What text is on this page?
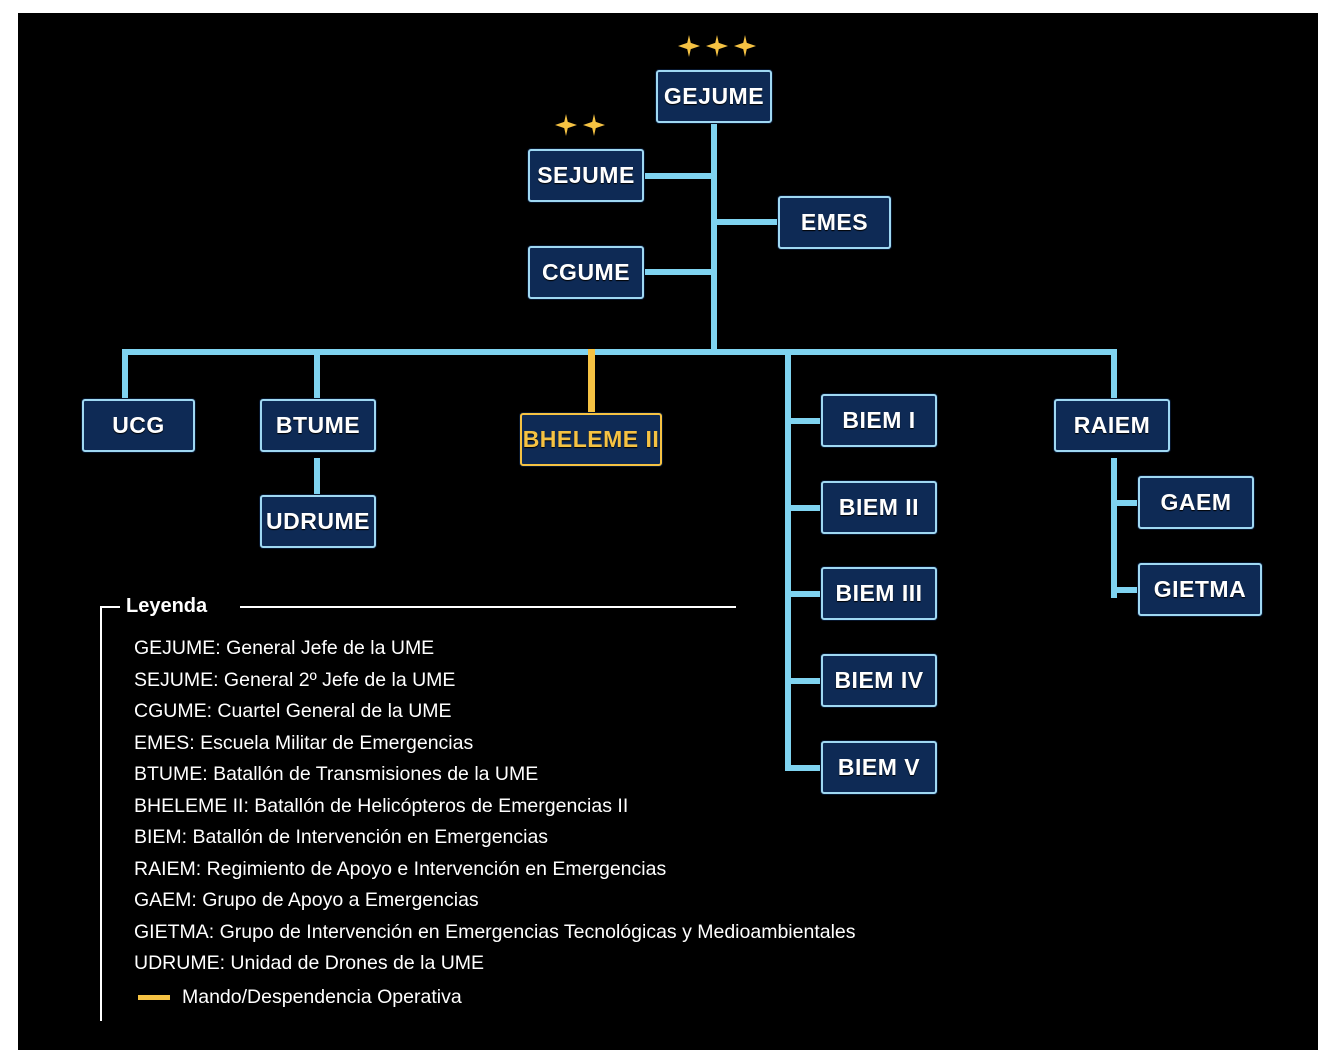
GEJUME
SEJUME
EMES
CGUME
UCG	BTUME
UDRUME
BHELEME II
BIEM I
BIEM II
BIEM III
BIEM IV
BIEM V
RAIEM
GAEM
GIETMA
Leyenda
GEJUME: General Jefe de la UME
SEJUME: General 2º Jefe de la UME
CGUME: Cuartel General de la UME
EMES: Escuela Militar de Emergencias
BTUME: Batallón de Transmisiones de la UME
BHELEME II: Batallón de Helicópteros de Emergencias II
BIEM: Batallón de Intervención en Emergencias
RAIEM: Regimiento de Apoyo e Intervención en Emergencias
GAEM: Grupo de Apoyo a Emergencias
GIETMA: Grupo de Intervención en Emergencias Tecnológicas y Medioambientales
UDRUME: Unidad de Drones de la UME
Mando/Despendencia Operativa
